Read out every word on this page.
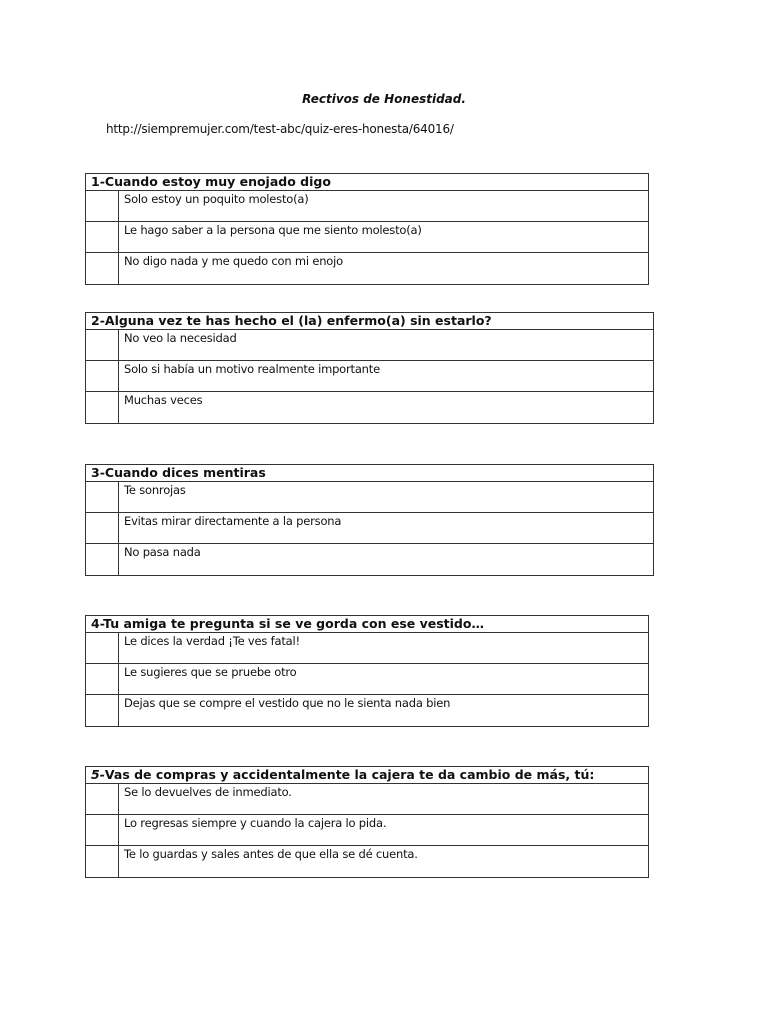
Rectivos de Honestidad.
http://siempremujer.com/test-abc/quiz-eres-honesta/64016/
1-Cuando estoy muy enojado digo
Solo estoy un poquito molesto(a)
Le hago saber a la persona que me siento molesto(a)
No digo nada y me quedo con mi enojo
2-Alguna vez te has hecho el (la) enfermo(a) sin estarlo?
No veo la necesidad
Solo si había un motivo realmente importante
Muchas veces
3-Cuando dices mentiras
Te sonrojas
Evitas mirar directamente a la persona
No pasa nada
4-Tu amiga te pregunta si se ve gorda con ese vestido…
Le dices la verdad ¡Te ves fatal!
Le sugieres que se pruebe otro
Dejas que se compre el vestido que no le sienta nada bien
5-Vas de compras y accidentalmente la cajera te da cambio de más, tú:
Se lo devuelves de inmediato.
Lo regresas siempre y cuando la cajera lo pida.
Te lo guardas y sales antes de que ella se dé cuenta.
